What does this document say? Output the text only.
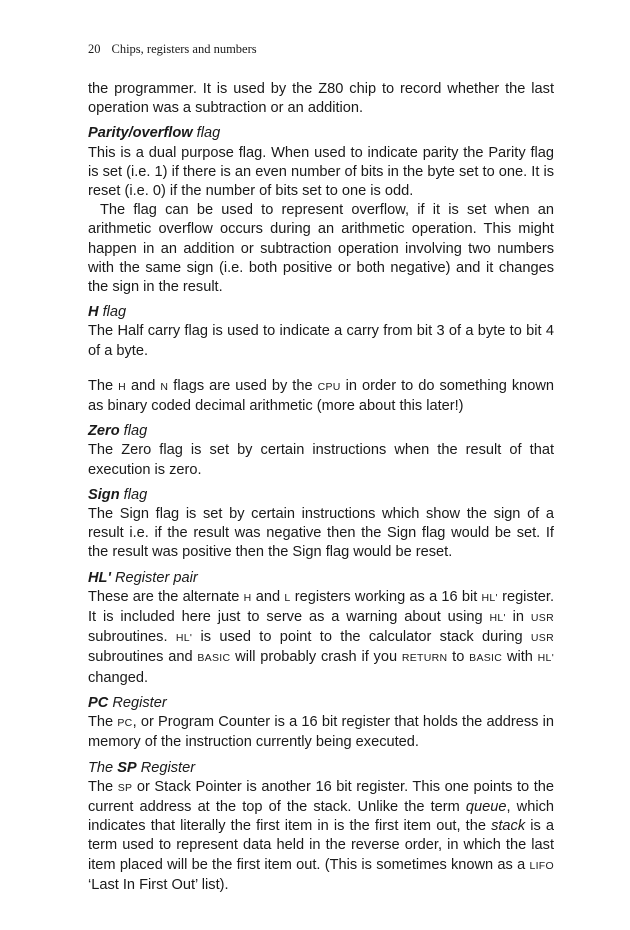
20 Chips, registers and numbers

the programmer. It is used by the Z80 chip to record whether the last operation was a subtraction or an addition.

Parity/overflow flag

This is a dual purpose flag. When used to indicate parity the Parity flag is set (i.e. 1) if there is an even number of bits in the byte set to one. It is reset (i.e. 0) if the number of bits set to one is odd.

The flag can be used to represent overflow, if it is set when an arithmetic overflow occurs during an arithmetic operation. This might happen in an addition or subtraction operation involving two numbers with the same sign (i.e. both positive or both negative) and it changes the sign in the result.

H flag

The Half carry flag is used to indicate a carry from bit 3 of a byte to bit 4 of a byte.

The H and N flags are used by the CPU in order to do something known as binary coded decimal arithmetic (more about this later!)

Zero flag

The Zero flag is set by certain instructions when the result of that execution is zero.

Sign flag

The Sign flag is set by certain instructions which show the sign of a result i.e. if the result was negative then the Sign flag would be set. If the result was positive then the Sign flag would be reset.

HL' Register pair

These are the alternate H and L registers working as a 16 bit HL' register. It is included here just to serve as a warning about using HL' in USR subroutines. HL' is used to point to the calculator stack during USR subroutines and BASIC will probably crash if you RETURN to BASIC with HL' changed.

PC Register

The PC, or Program Counter is a 16 bit register that holds the address in memory of the instruction currently being executed.

The SP Register

The SP or Stack Pointer is another 16 bit register. This one points to the current address at the top of the stack. Unlike the term queue, which indicates that literally the first item in is the first item out, the stack is a term used to represent data held in the reverse order, in which the last item placed will be the first item out. (This is sometimes known as a LIFO ‘Last In First Out’ list).
